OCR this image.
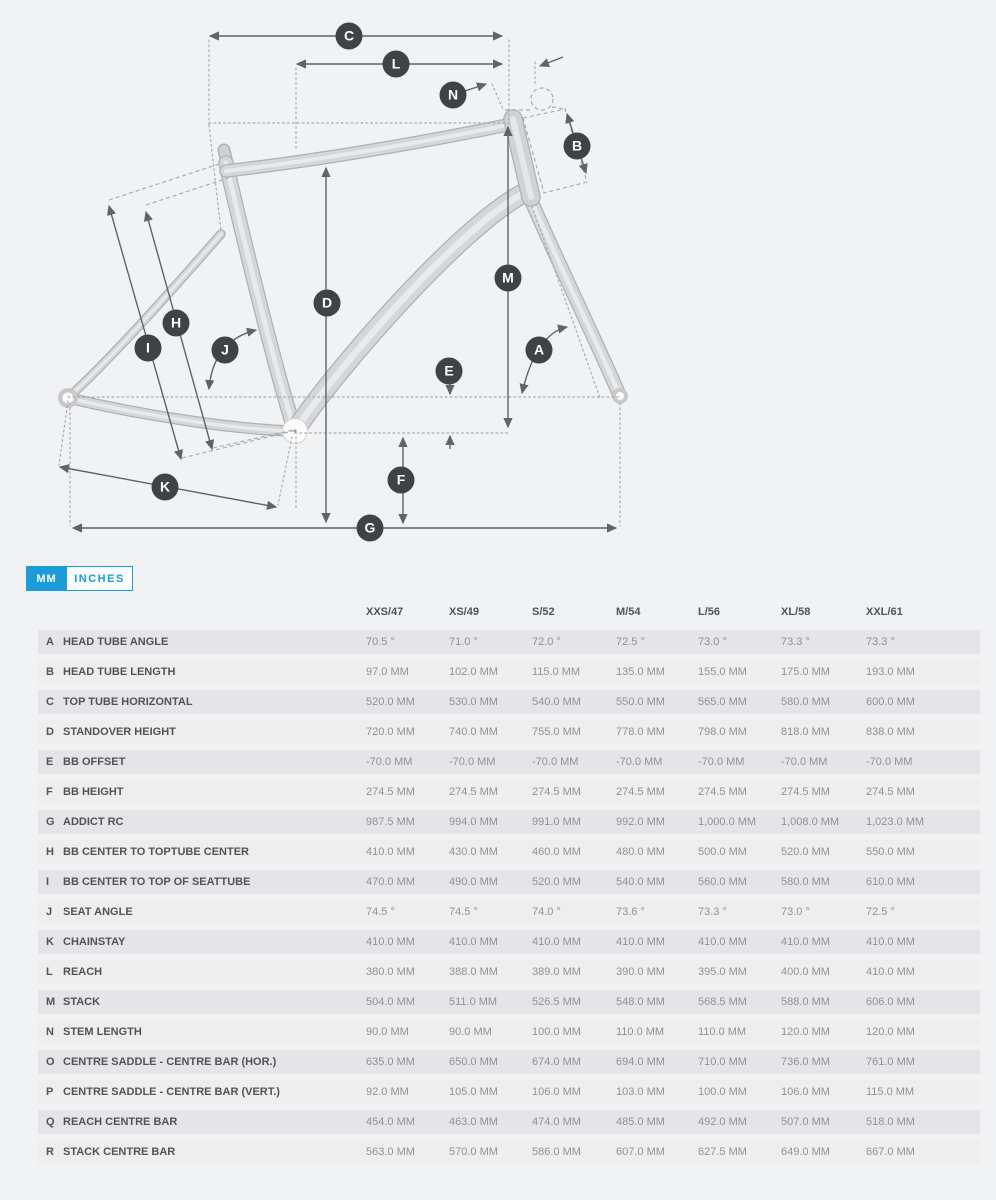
A
B
C
D
E
F
G
H
I	J
K
L
M
N
MM	INCHES
XXS/47	XS/49	S/52	M/54	L/56	XL/58	XXL/61
A HEAD TUBE ANGLE	70.5 °	71.0 °	72.0 °	72.5 °	73.0 °	73.3 °	73.3 °
B HEAD TUBE LENGTH	97.0 MM	102.0 MM	115.0 MM	135.0 MM	155.0 MM	175.0 MM	193.0 MM
C TOP TUBE HORIZONTAL	520.0 MM	530.0 MM	540.0 MM	550.0 MM	565.0 MM	580.0 MM	600.0 MM
D STANDOVER HEIGHT	720.0 MM	740.0 MM	755.0 MM	778.0 MM	798.0 MM	818.0 MM	838.0 MM
E BB OFFSET	-70.0 MM	-70.0 MM	-70.0 MM	-70.0 MM	-70.0 MM	-70.0 MM	-70.0 MM
F BB HEIGHT	274.5 MM	274.5 MM	274.5 MM	274.5 MM	274.5 MM	274.5 MM	274.5 MM
G ADDICT RC	987.5 MM	994.0 MM	991.0 MM	992.0 MM	1,000.0 MM 1,008.0 MM 1,023.0 MM
H BB CENTER TO TOPTUBE CENTER	410.0 MM	430.0 MM	460.0 MM	480.0 MM	500.0 MM	520.0 MM	550.0 MM
I BB CENTER TO TOP OF SEATTUBE	470.0 MM	490.0 MM	520.0 MM	540.0 MM	560.0 MM	580.0 MM	610.0 MM
J SEAT ANGLE	74.5 °	74.5 °	74.0 °	73.6 °	73.3 °	73.0 °	72.5 °
K CHAINSTAY	410.0 MM	410.0 MM	410.0 MM	410.0 MM	410.0 MM	410.0 MM	410.0 MM
L REACH	380.0 MM	388.0 MM	389.0 MM	390.0 MM	395.0 MM	400.0 MM	410.0 MM
M STACK	504.0 MM	511.0 MM	526.5 MM	548.0 MM	568.5 MM	588.0 MM	606.0 MM
N STEM LENGTH	90.0 MM	90.0 MM	100.0 MM	110.0 MM	110.0 MM	120.0 MM	120.0 MM
O CENTRE SADDLE - CENTRE BAR (HOR.)	635.0 MM	650.0 MM	674.0 MM	694.0 MM	710.0 MM	736.0 MM	761.0 MM
P CENTRE SADDLE - CENTRE BAR (VERT.)	92.0 MM	105.0 MM	106.0 MM	103.0 MM	100.0 MM	106.0 MM	115.0 MM
Q REACH CENTRE BAR	454.0 MM	463.0 MM	474.0 MM	485.0 MM	492.0 MM	507.0 MM	518.0 MM
R STACK CENTRE BAR	563.0 MM	570.0 MM	586.0 MM	607.0 MM	627.5 MM	649.0 MM	667.0 MM
